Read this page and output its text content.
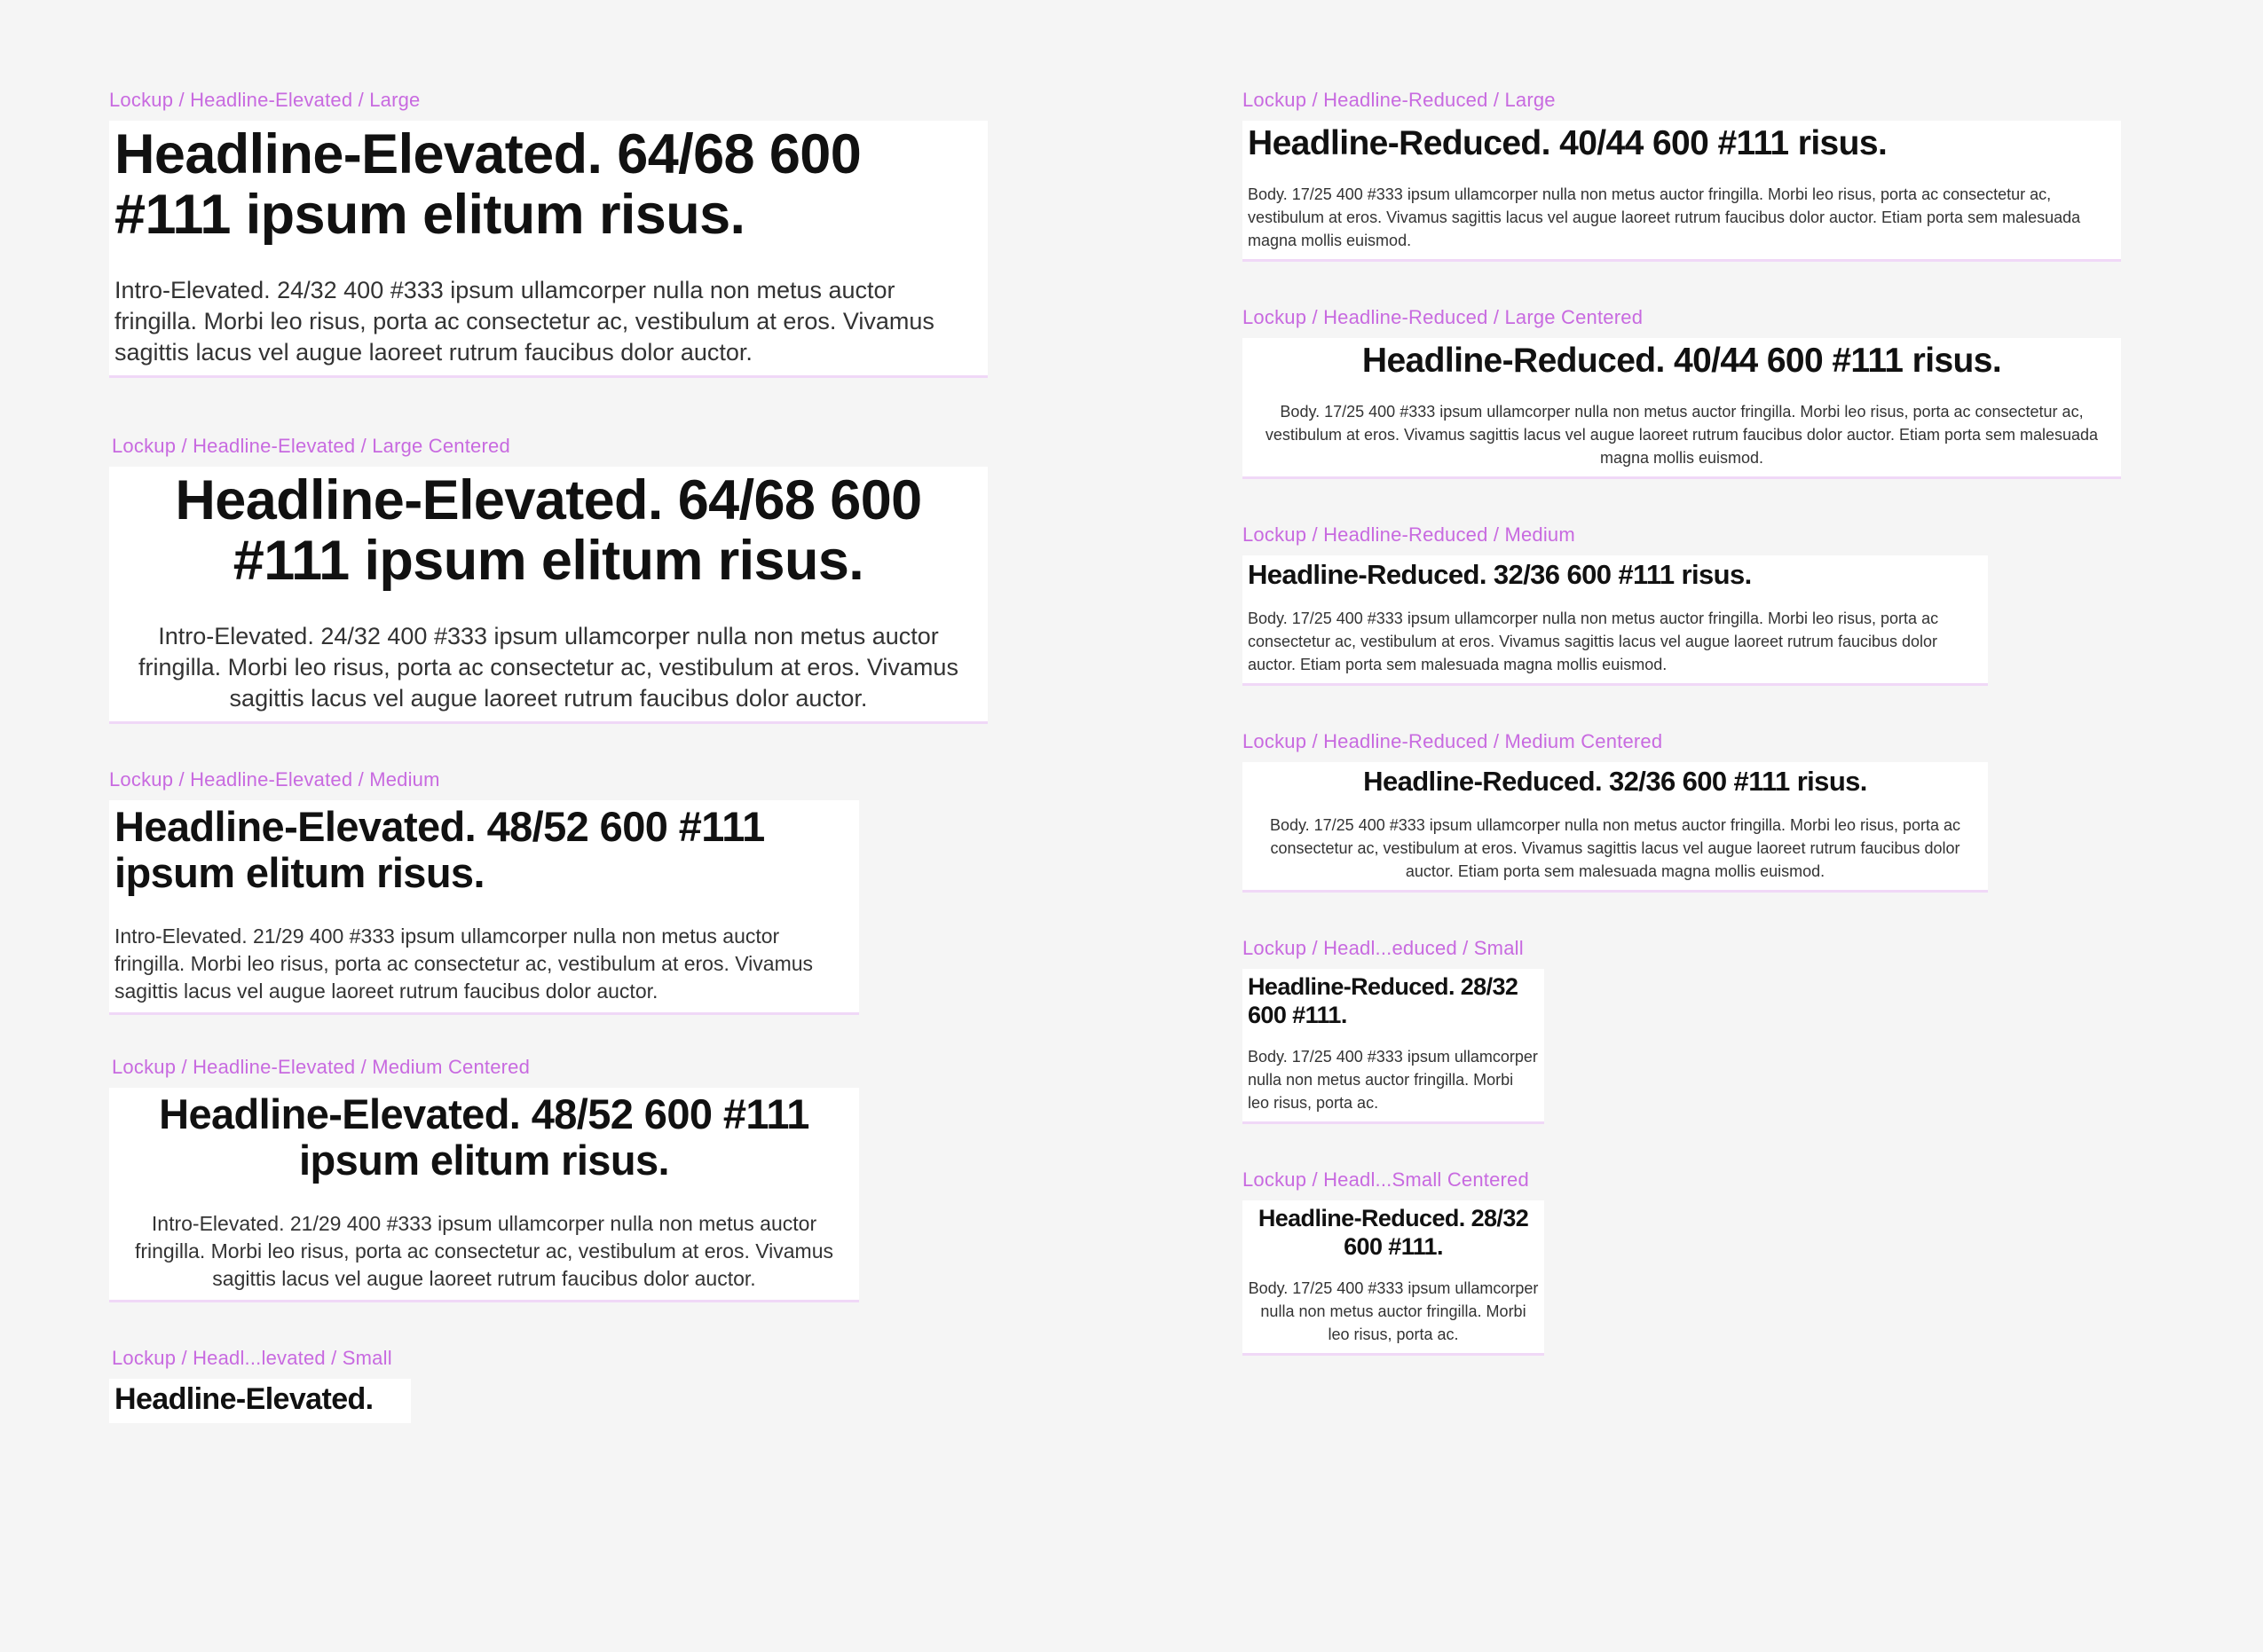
Lockup / Headline-Elevated / Large
Headline-Elevated. 64/68 600 #111 ipsum elitum risus.
Intro-Elevated. 24/32 400 #333 ipsum ullamcorper nulla non metus auctor fringilla. Morbi leo risus, porta ac consectetur ac, vestibulum at eros. Vivamus sagittis lacus vel augue laoreet rutrum faucibus dolor auctor.
Lockup / Headline-Elevated / Large Centered
Headline-Elevated. 64/68 600 #111 ipsum elitum risus.
Intro-Elevated. 24/32 400 #333 ipsum ullamcorper nulla non metus auctor fringilla. Morbi leo risus, porta ac consectetur ac, vestibulum at eros. Vivamus sagittis lacus vel augue laoreet rutrum faucibus dolor auctor.
Lockup / Headline-Elevated / Medium
Headline-Elevated. 48/52 600 #111 ipsum elitum risus.
Intro-Elevated. 21/29 400 #333 ipsum ullamcorper nulla non metus auctor fringilla. Morbi leo risus, porta ac consectetur ac, vestibulum at eros. Vivamus sagittis lacus vel augue laoreet rutrum faucibus dolor auctor.
Lockup / Headline-Elevated / Medium Centered
Headline-Elevated. 48/52 600 #111 ipsum elitum risus.
Intro-Elevated. 21/29 400 #333 ipsum ullamcorper nulla non metus auctor fringilla. Morbi leo risus, porta ac consectetur ac, vestibulum at eros. Vivamus sagittis lacus vel augue laoreet rutrum faucibus dolor auctor.
Lockup / Headl...levated / Small
Headline-Elevated.
Lockup / Headline-Reduced / Large
Headline-Reduced. 40/44 600 #111 risus.
Body. 17/25 400 #333 ipsum ullamcorper nulla non metus auctor fringilla. Morbi leo risus, porta ac consectetur ac, vestibulum at eros. Vivamus sagittis lacus vel augue laoreet rutrum faucibus dolor auctor. Etiam porta sem malesuada magna mollis euismod.
Lockup / Headline-Reduced / Large Centered
Headline-Reduced. 40/44 600 #111 risus.
Body. 17/25 400 #333 ipsum ullamcorper nulla non metus auctor fringilla. Morbi leo risus, porta ac consectetur ac, vestibulum at eros. Vivamus sagittis lacus vel augue laoreet rutrum faucibus dolor auctor. Etiam porta sem malesuada magna mollis euismod.
Lockup / Headline-Reduced / Medium
Headline-Reduced. 32/36 600 #111 risus.
Body. 17/25 400 #333 ipsum ullamcorper nulla non metus auctor fringilla. Morbi leo risus, porta ac consectetur ac, vestibulum at eros. Vivamus sagittis lacus vel augue laoreet rutrum faucibus dolor auctor. Etiam porta sem malesuada magna mollis euismod.
Lockup / Headline-Reduced / Medium Centered
Headline-Reduced. 32/36 600 #111 risus.
Body. 17/25 400 #333 ipsum ullamcorper nulla non metus auctor fringilla. Morbi leo risus, porta ac consectetur ac, vestibulum at eros. Vivamus sagittis lacus vel augue laoreet rutrum faucibus dolor auctor. Etiam porta sem malesuada magna mollis euismod.
Lockup / Headl...educed / Small
Headline-Reduced. 28/32 600 #111.
Body. 17/25 400 #333 ipsum ullamcorper nulla non metus auctor fringilla. Morbi leo risus, porta ac.
Lockup / Headl...Small Centered
Headline-Reduced. 28/32 600 #111.
Body. 17/25 400 #333 ipsum ullamcorper nulla non metus auctor fringilla. Morbi leo risus, porta ac.
